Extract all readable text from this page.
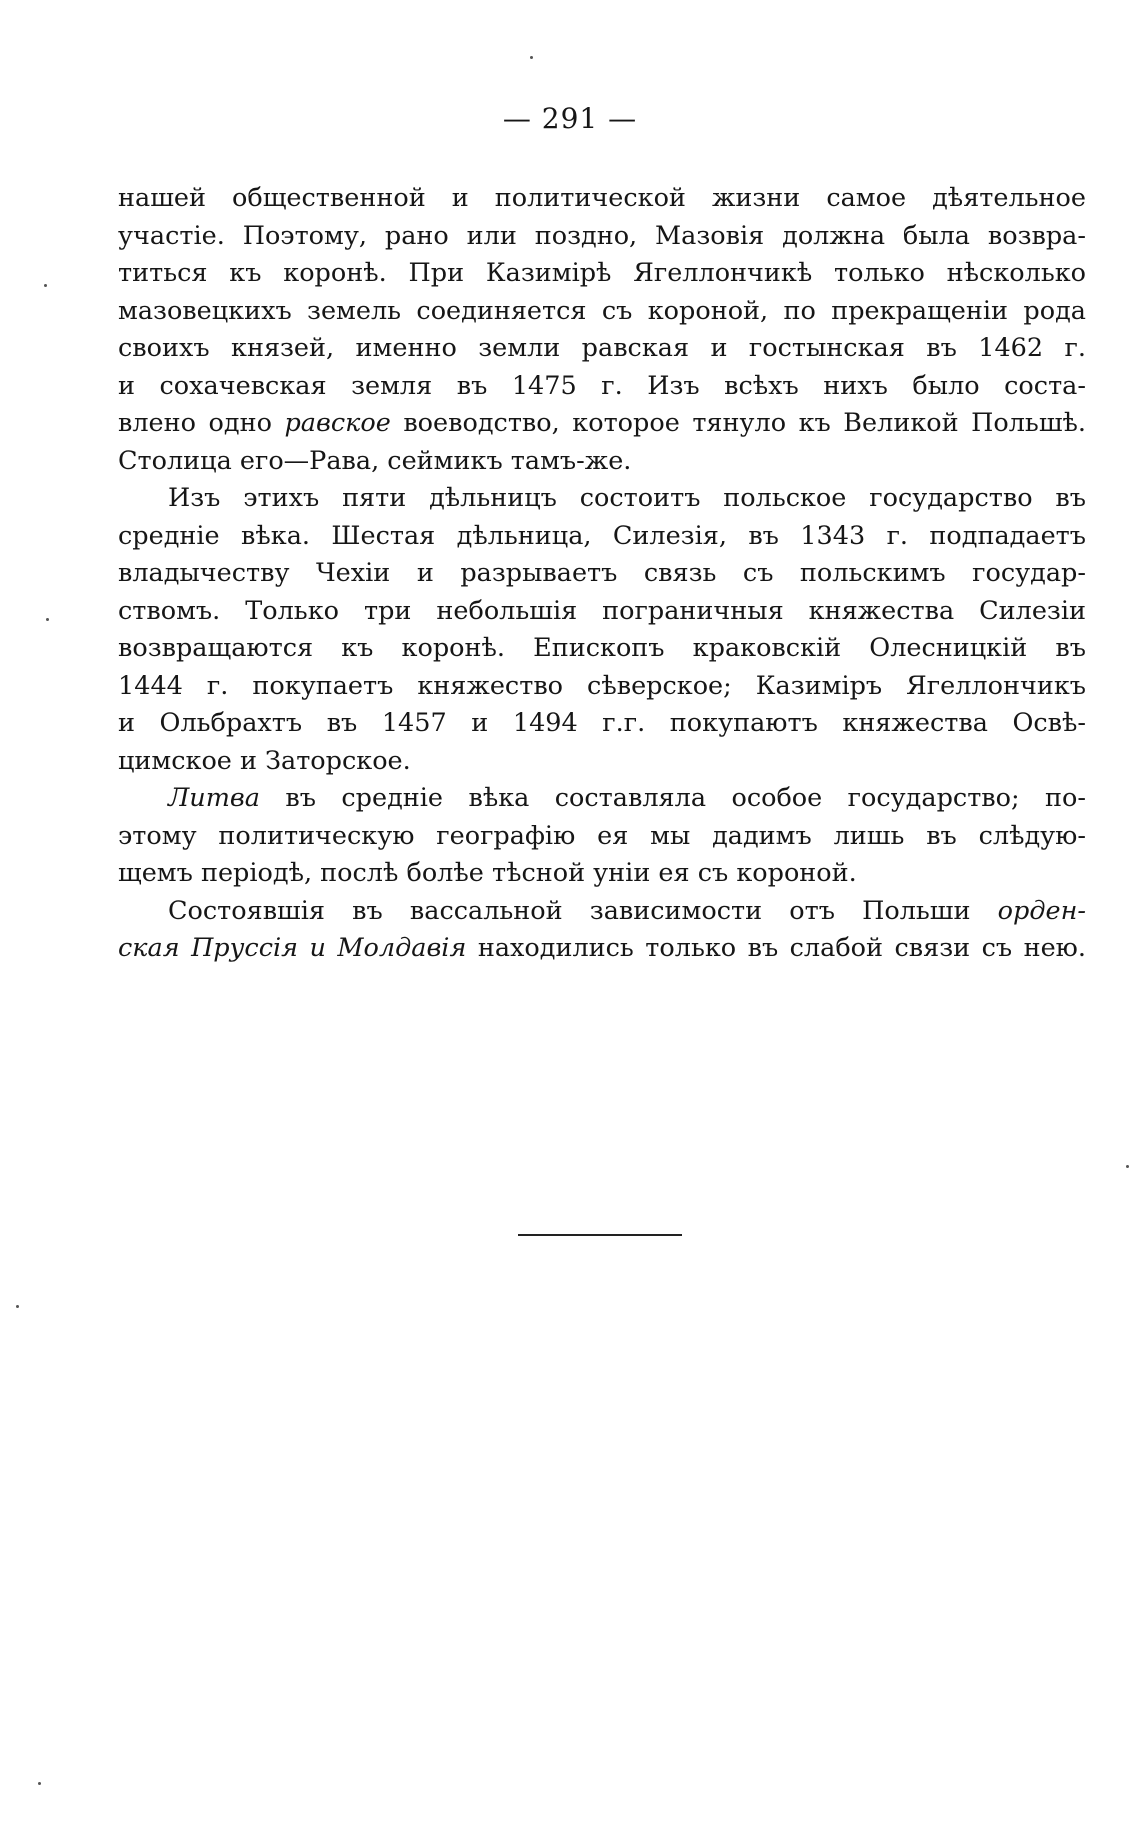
— 291 —
нашей общественной и политической жизни самое дѣятельное
участіе. Поэтому, рано или поздно, Мазовія должна была возвра-
титься къ коронѣ. При Казимірѣ Ягеллончикѣ только нѣсколько
мазовецкихъ земель соединяется съ короной, по прекращеніи рода
своихъ князей, именно земли равская и гостынская въ 1462 г.
и сохачевская земля въ 1475 г. Изъ всѣхъ нихъ было соста-
влено одно равское воеводство, которое тянуло къ Великой Польшѣ.
Столица его—Рава, сеймикъ тамъ-же.
Изъ этихъ пяти дѣльницъ состоитъ польское государство въ
средніе вѣка. Шестая дѣльница, Силезія, въ 1343 г. подпадаетъ
владычеству Чехіи и разрываетъ связь съ польскимъ государ-
ствомъ. Только три небольшія пограничныя княжества Силезіи
возвращаются къ коронѣ. Епископъ краковскій Олесницкій въ
1444 г. покупаетъ княжество сѣверское; Казиміръ Ягеллончикъ
и Ольбрахтъ въ 1457 и 1494 г.г. покупаютъ княжества Освѣ-
цимское и Заторское.
Литва въ средніе вѣка составляла особое государство; по-
этому политическую географію ея мы дадимъ лишь въ слѣдую-
щемъ періодѣ, послѣ болѣе тѣсной уніи ея съ короной.
Состоявшія въ вассальной зависимости отъ Польши орден-
ская Пруссія и Молдавія находились только въ слабой связи съ нею.
